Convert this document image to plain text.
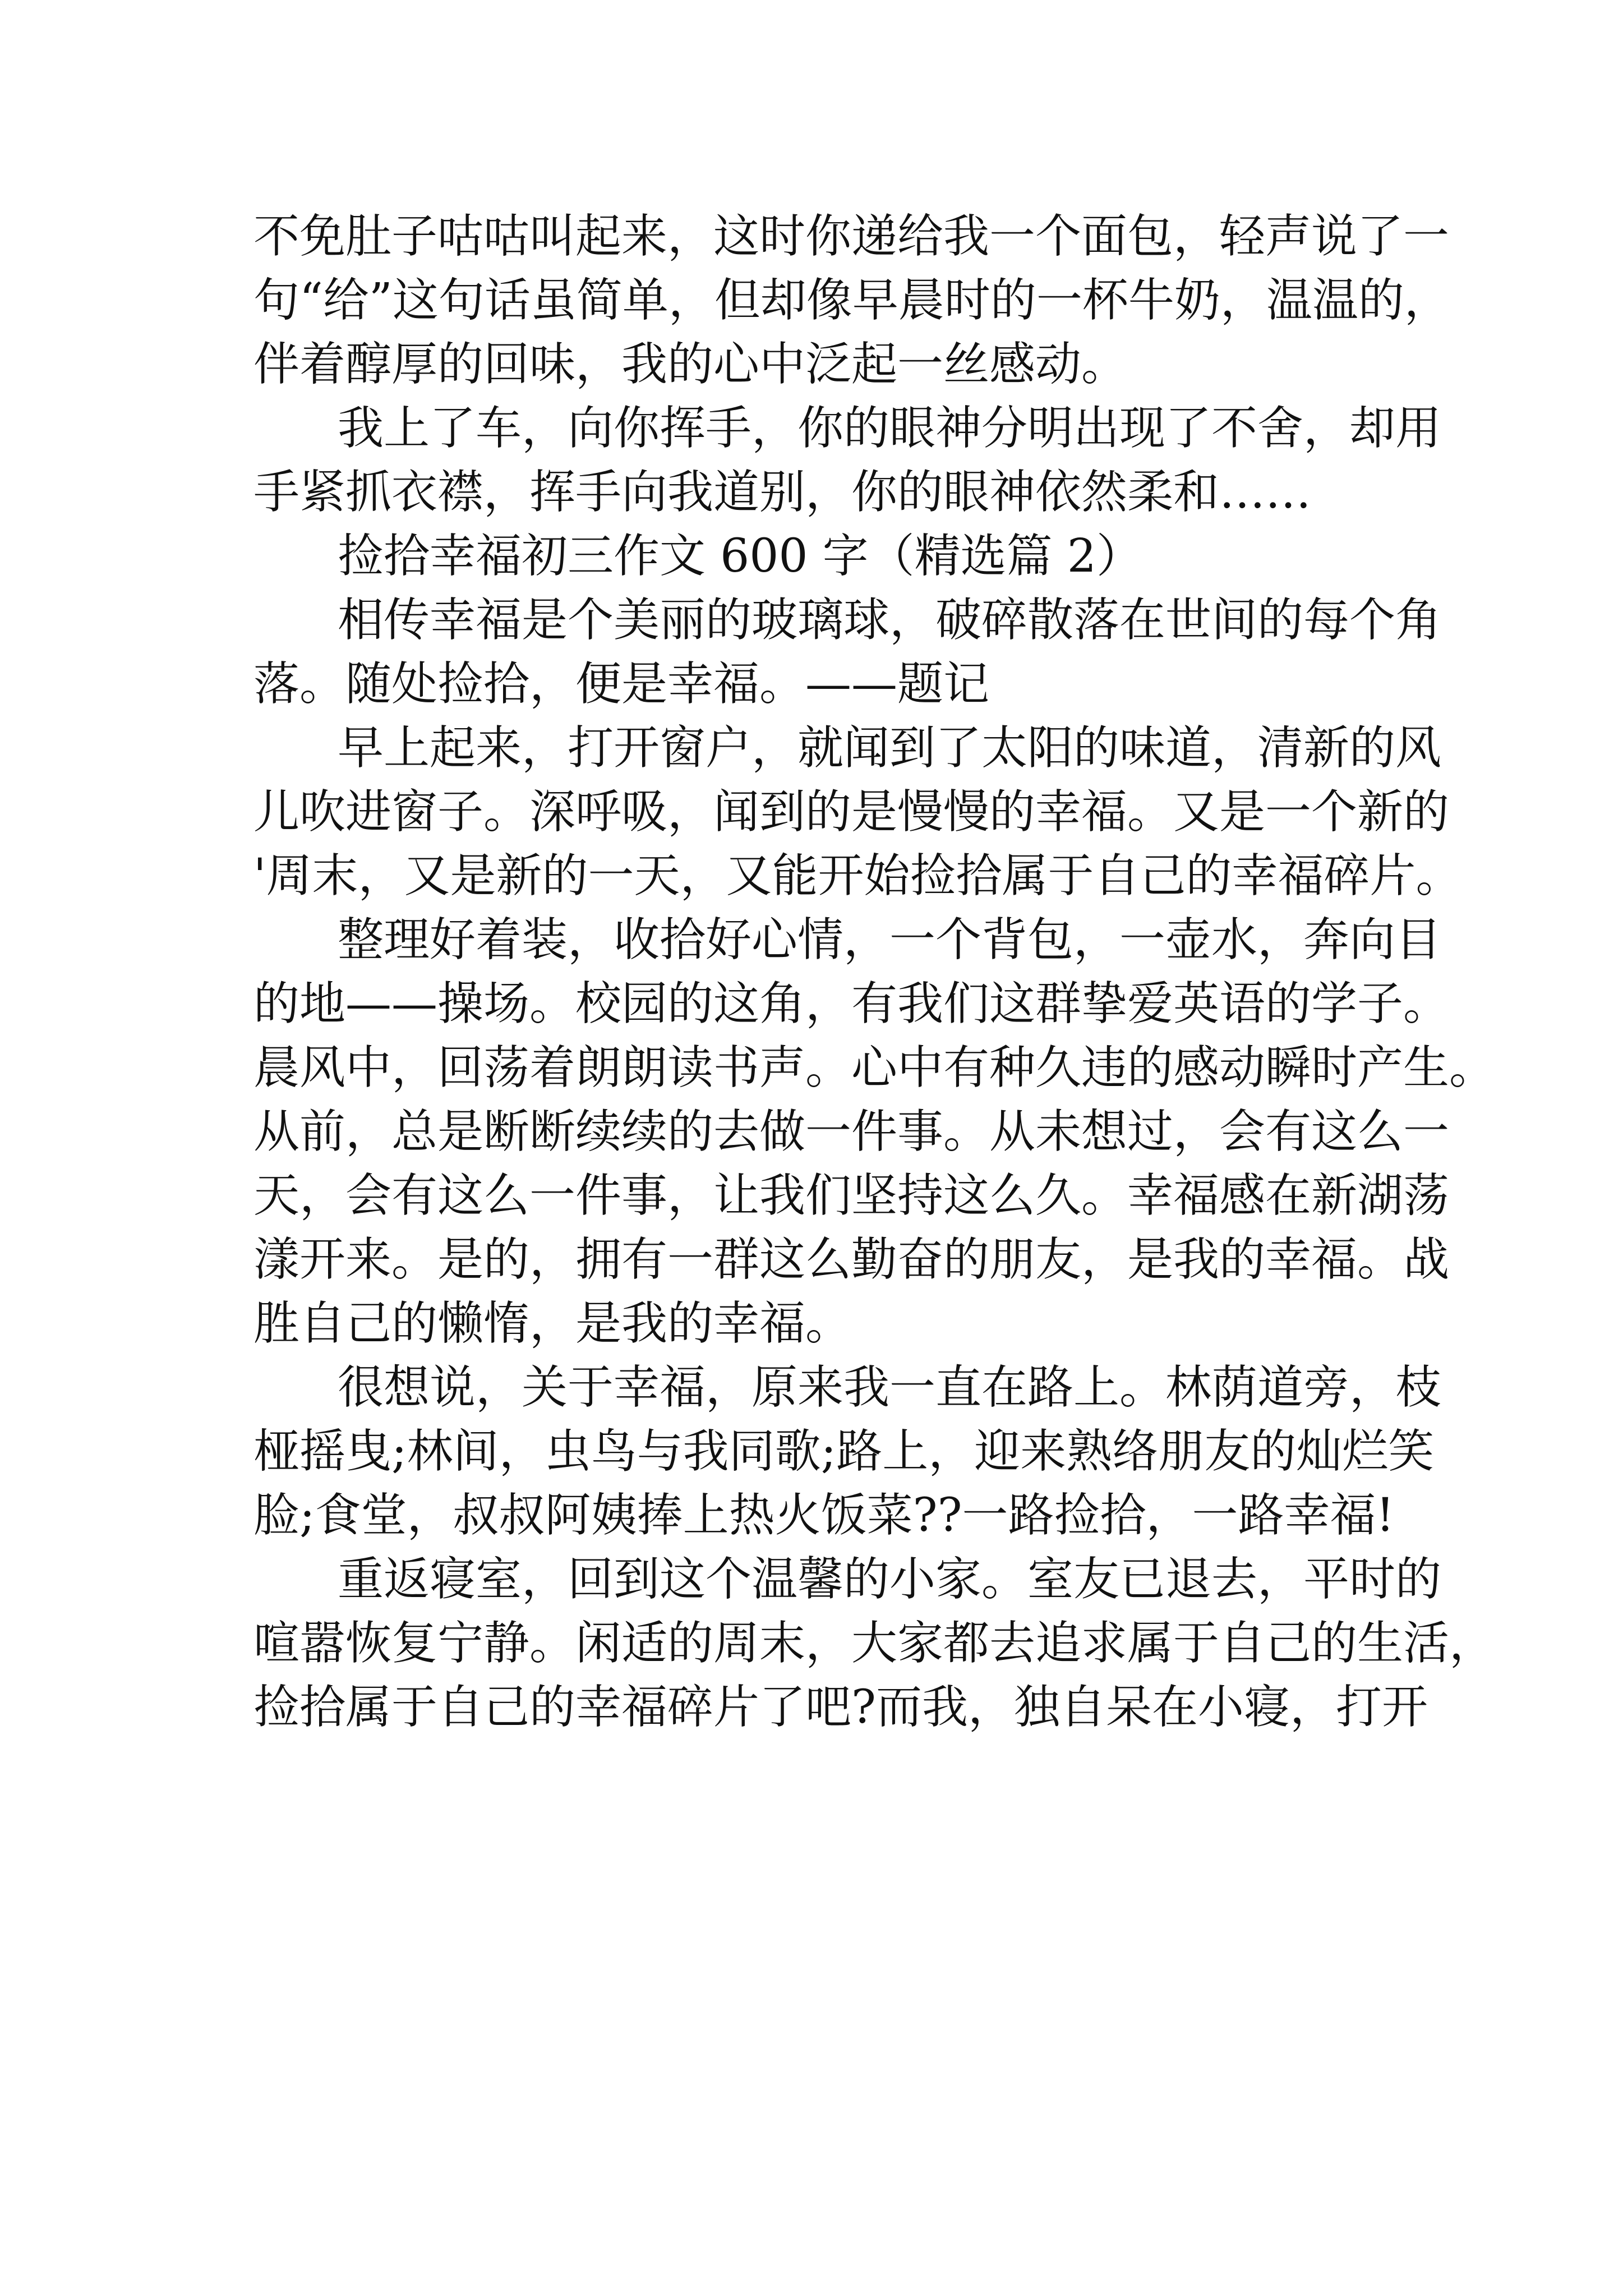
不免肚子咕咕叫起来，这时你递给我一个面包，轻声说了一
句“给”这句话虽简单，但却像早晨时的一杯牛奶，温温的，
伴着醇厚的回味，我的心中泛起一丝感动。
我上了车，向你挥手，你的眼神分明出现了不舍，却用
手紧抓衣襟，挥手向我道别，你的眼神依然柔和……
捡拾幸福初三作文 600 字（精选篇 2）
相传幸福是个美丽的玻璃球，破碎散落在世间的每个角
落。随处捡拾，便是幸福。——题记
早上起来，打开窗户，就闻到了太阳的味道，清新的风
儿吹进窗子。深呼吸，闻到的是慢慢的幸福。又是一个新的
'周末，又是新的一天，又能开始捡拾属于自己的幸福碎片。
整理好着装，收拾好心情，一个背包，一壶水，奔向目
的地——操场。校园的这角，有我们这群挚爱英语的学子。
晨风中，回荡着朗朗读书声。心中有种久违的感动瞬时产生。
从前，总是断断续续的去做一件事。从未想过，会有这么一
天，会有这么一件事，让我们坚持这么久。幸福感在新湖荡
漾开来。是的，拥有一群这么勤奋的朋友，是我的幸福。战
胜自己的懒惰，是我的幸福。
很想说，关于幸福，原来我一直在路上。林荫道旁，枝
桠摇曳;林间，虫鸟与我同歌;路上，迎来熟络朋友的灿烂笑
脸;食堂，叔叔阿姨捧上热火饭菜??一路捡拾，一路幸福!
重返寝室，回到这个温馨的小家。室友已退去，平时的
喧嚣恢复宁静。闲适的周末，大家都去追求属于自己的生活，
捡拾属于自己的幸福碎片了吧?而我，独自呆在小寝，打开
